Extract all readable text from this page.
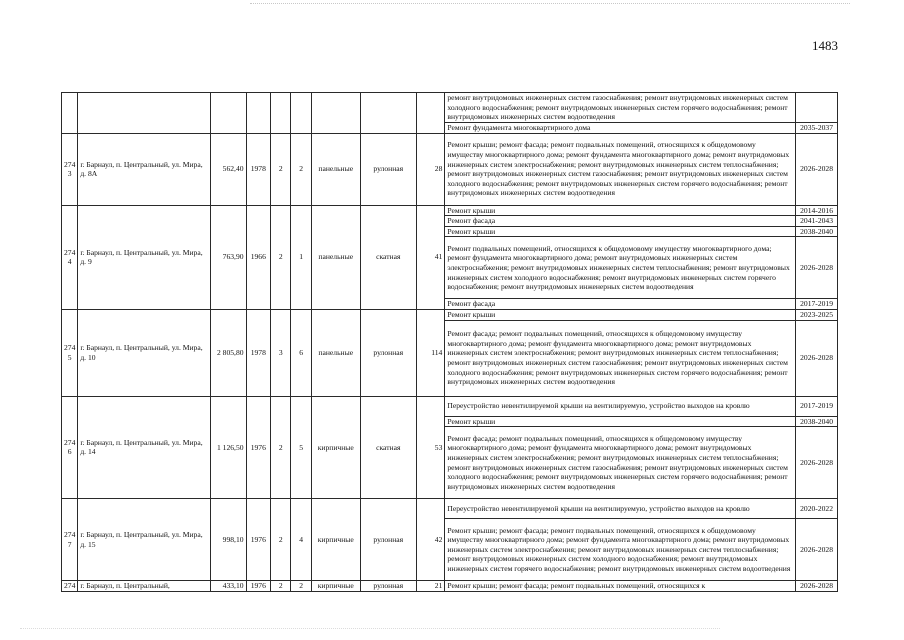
1483
									ремонт внутридомовых инженерных систем газоснабжения; ремонт внутридомовых инженерных систем холодного водоснабжения; ремонт внутридомовых инженерных систем горячего водоснабжения; ремонт внутридомовых инженерных систем водоотведения	
									Ремонт фундамента многоквартирного дома	2035-2037
274 3	г. Барнаул, п. Центральный, ул. Мира, д. 8А	562,40	1978	2	2	панельные	рулонная	28	Ремонт крыши; ремонт фасада; ремонт подвальных помещений, относящихся к общедомовому имуществу многоквартирного дома; ремонт фундамента многоквартирного дома; ремонт внутридомовых инженерных систем электроснабжения; ремонт внутридомовых инженерных систем теплоснабжения; ремонт внутридомовых инженерных систем газоснабжения; ремонт внутридомовых инженерных систем холодного водоснабжения; ремонт внутридомовых инженерных систем горячего водоснабжения; ремонт внутридомовых инженерных систем водоотведения	2026-2028
274 4	г. Барнаул, п. Центральный, ул. Мира, д. 9	763,90	1966	2	1	панельные	скатная	41	Ремонт крыши	2014-2016
									Ремонт фасада	2041-2043
									Ремонт крыши	2038-2040
									Ремонт подвальных помещений, относящихся к общедомовому имуществу многоквартирного дома; ремонт фундамента многоквартирного дома; ремонт внутридомовых инженерных систем электроснабжения; ремонт внутридомовых инженерных систем теплоснабжения; ремонт внутридомовых инженерных систем холодного водоснабжения; ремонт внутридомовых инженерных систем горячего водоснабжения; ремонт внутридомовых инженерных систем водоотведения	2026-2028
									Ремонт фасада	2017-2019
274 5	г. Барнаул, п. Центральный, ул. Мира, д. 10	2 805,80	1978	3	6	панельные	рулонная	114	Ремонт крыши	2023-2025
									Ремонт фасада; ремонт подвальных помещений, относящихся к общедомовому имуществу многоквартирного дома; ремонт фундамента многоквартирного дома; ремонт внутридомовых инженерных систем электроснабжения; ремонт внутридомовых инженерных систем теплоснабжения; ремонт внутридомовых инженерных систем газоснабжения; ремонт внутридомовых инженерных систем холодного водоснабжения; ремонт внутридомовых инженерных систем горячего водоснабжения; ремонт внутридомовых инженерных систем водоотведения	2026-2028
274 6	г. Барнаул, п. Центральный, ул. Мира, д. 14	1 126,50	1976	2	5	кирпичные	скатная	53	Переустройство невентилируемой крыши на вентилируемую, устройство выходов на кровлю	2017-2019
									Ремонт крыши	2038-2040
									Ремонт фасада; ремонт подвальных помещений, относящихся к общедомовому имуществу многоквартирного дома; ремонт фундамента многоквартирного дома; ремонт внутридомовых инженерных систем электроснабжения; ремонт внутридомовых инженерных систем теплоснабжения; ремонт внутридомовых инженерных систем газоснабжения; ремонт внутридомовых инженерных систем холодного водоснабжения; ремонт внутридомовых инженерных систем горячего водоснабжения; ремонт внутридомовых инженерных систем водоотведения	2026-2028
274 7	г. Барнаул, п. Центральный, ул. Мира, д. 15	998,10	1976	2	4	кирпичные	рулонная	42	Переустройство невентилируемой крыши на вентилируемую, устройство выходов на кровлю	2020-2022
									Ремонт крыши; ремонт фасада; ремонт подвальных помещений, относящихся к общедомовому имуществу многоквартирного дома; ремонт фундамента многоквартирного дома; ремонт внутридомовых инженерных систем электроснабжения; ремонт внутридомовых инженерных систем теплоснабжения; ремонт внутридомовых инженерных систем холодного водоснабжения; ремонт внутридомовых инженерных систем горячего водоснабжения; ремонт внутридомовых инженерных систем водоотведения	2026-2028
274	г. Барнаул, п. Центральный,	433,10	1976	2	2	кирпичные	рулонная	21	Ремонт крыши; ремонт фасада; ремонт подвальных помещений, относящихся к	2026-2028
